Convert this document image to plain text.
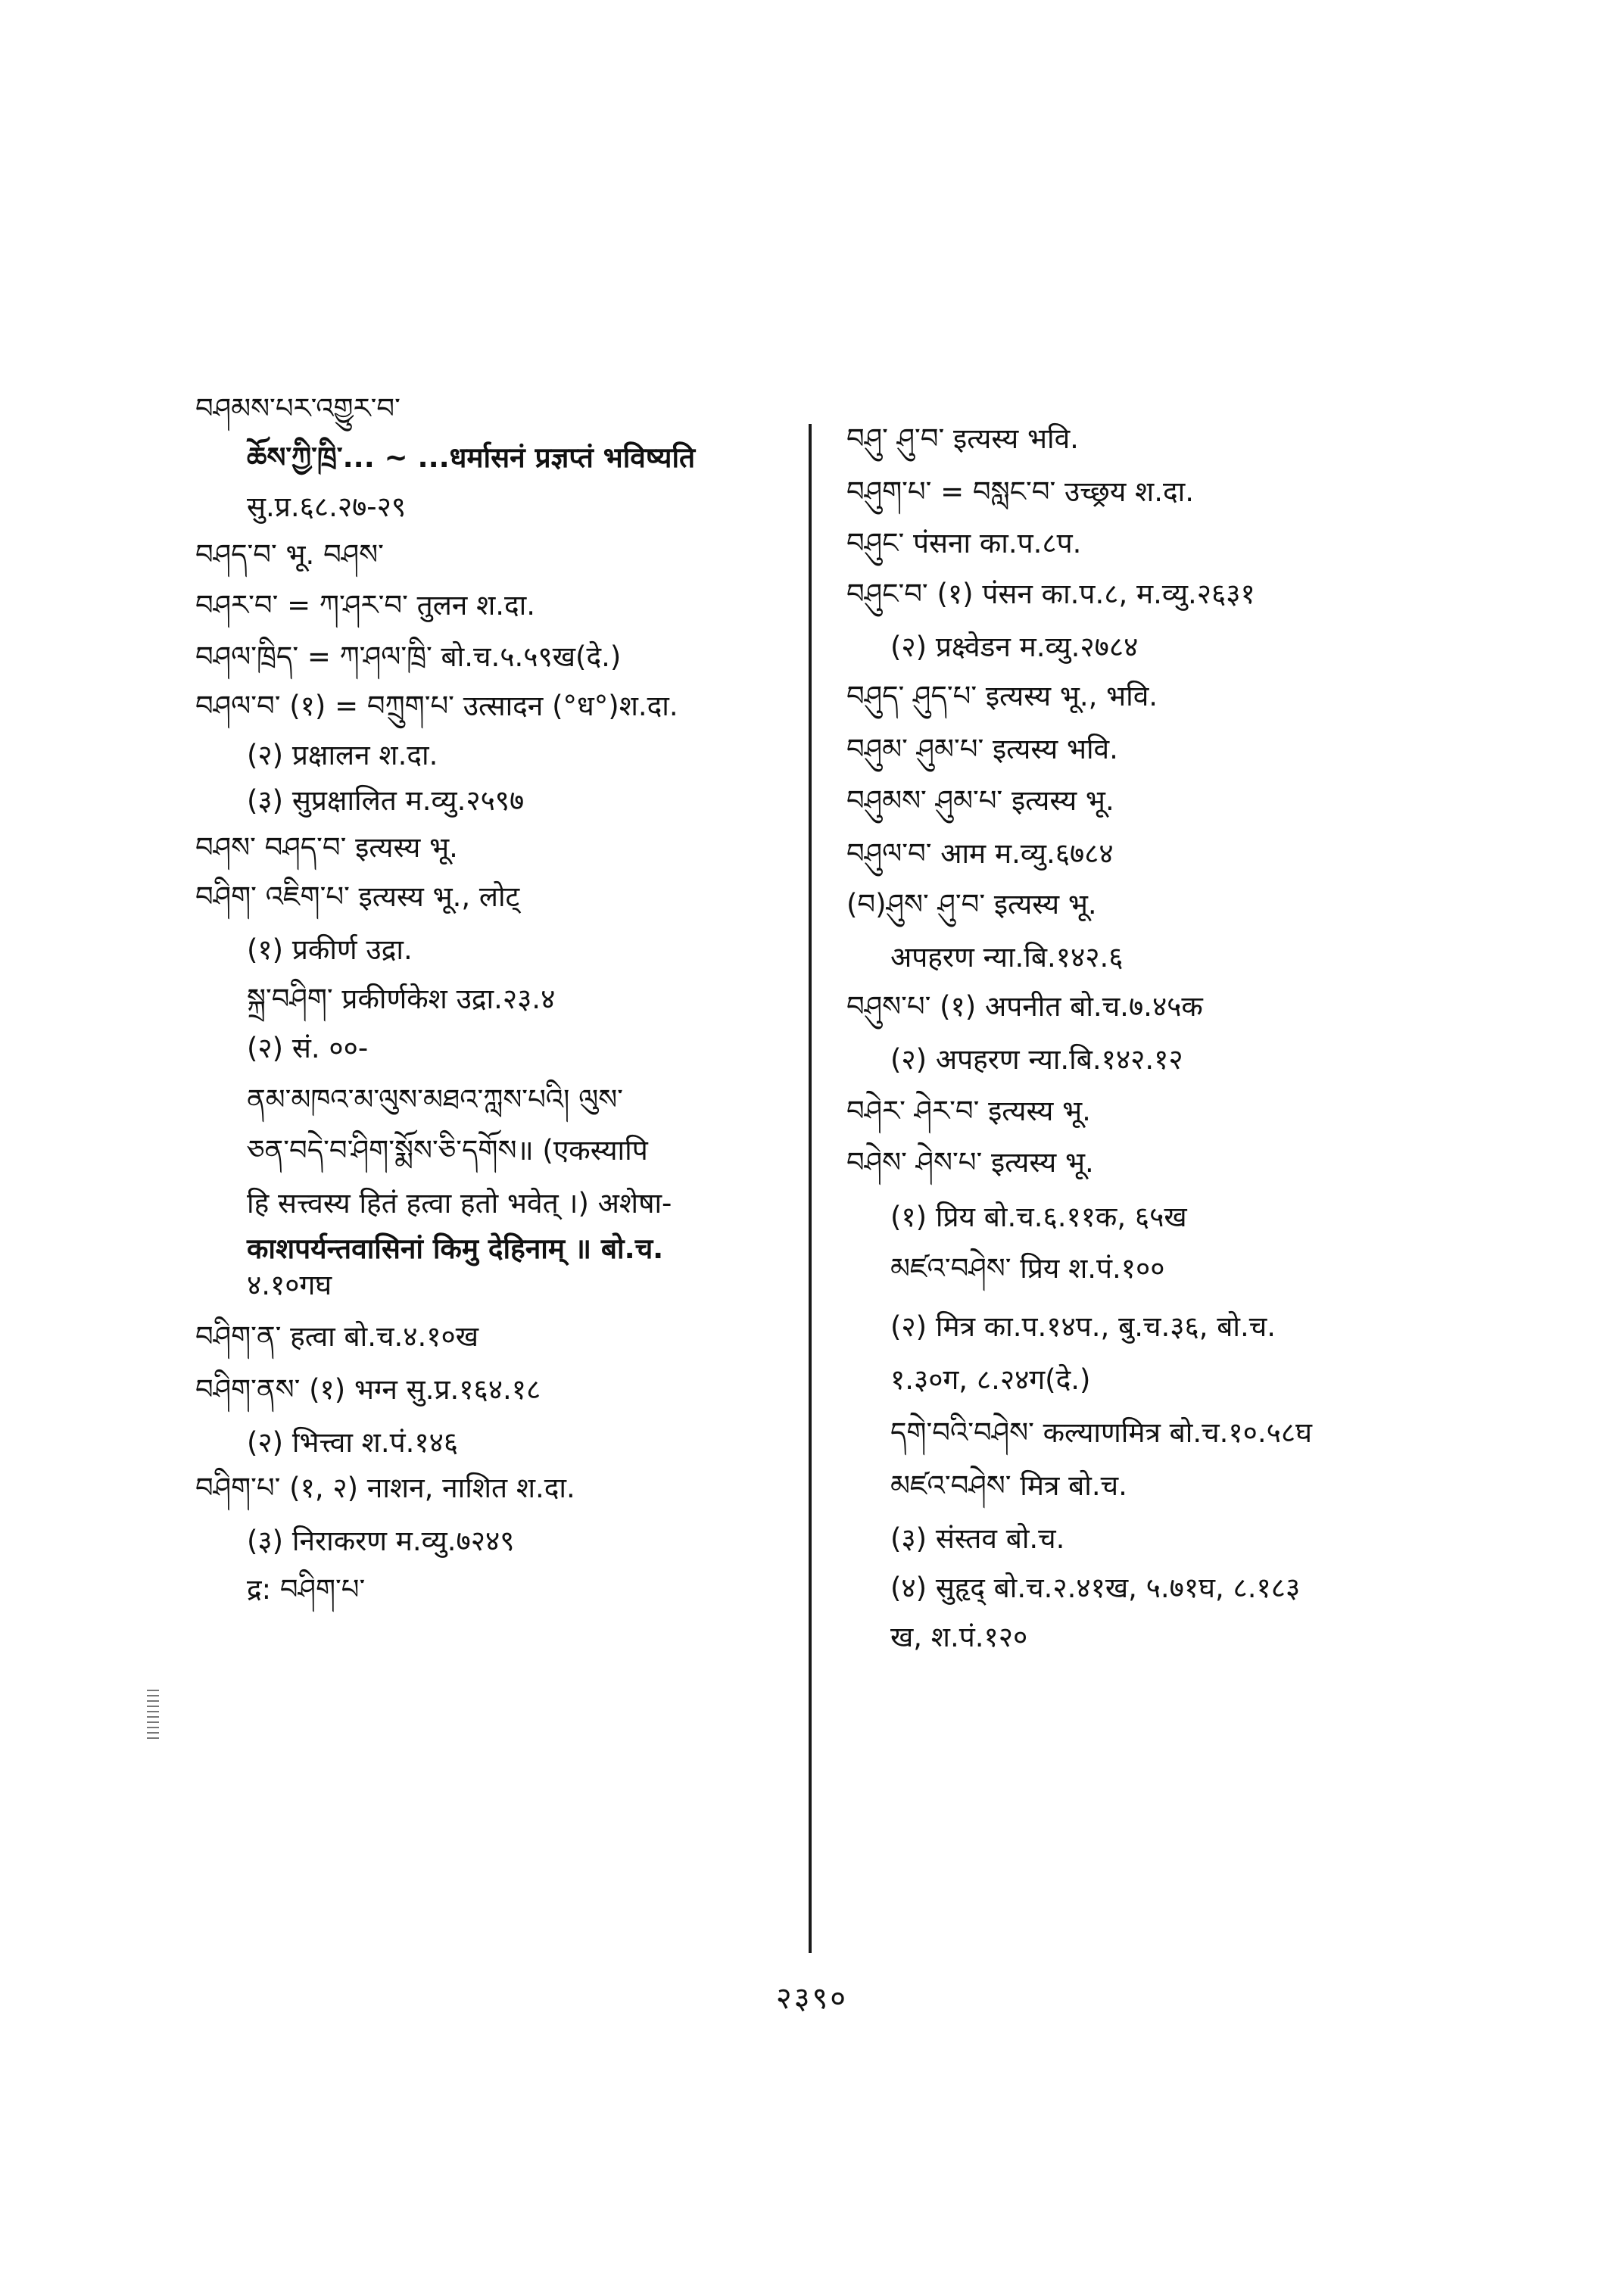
བཤམས་པར་འགྱུར་བ་
ཆོས་ཀྱི་ཁྲི་... ~ ...धर्मासनं प्रज्ञप्तं भविष्यति
सु.प्र.६८.२७-२९
བཤད་བ་ भू. བཤས་
བཤར་བ་ = ཀ་ཤར་བ་ तुलन श.दा.
བཤལ་ཁྲིད་ = ཀ་ཤལ་ཁྲི་ बो.च.५.५९ख(दे.)
བཤལ་བ་ (१) = བཀྲུག་པ་ उत्सादन (°ध°)श.दा.
(२) प्रक्षालन श.दा.
(३) सुप्रक्षालित म.व्यु.२५९७
བཤས་ བཤད་བ་ इत्यस्य भू.
བཤིག་ འཇིག་པ་ इत्यस्य भू., लोट्
(१) प्रकीर्ण उद्रा.
སྐྲ་བཤིག་ प्रकीर्णकेश उद्रा.२३.४
(२) सं. ००-
ནམ་མཁའ་མ་ལུས་མཐའ་ཀླས་པའི། ལུས་
ཅན་བདེ་བ་ཤིག་སྨོས་ཅི་དགོས॥ (एकस्यापि
हि सत्त्वस्य हितं हत्वा हतो भवेत् ।) अशेषा-
काशपर्यन्तवासिनां किमु देहिनाम् ॥ बो.च.
४.१०गघ
བཤིག་ན་ हत्वा बो.च.४.१०ख
བཤིག་ནས་ (१) भग्न सु.प्र.१६४.१८
(२) भित्त्वा श.पं.१४६
བཤིག་པ་ (१, २) नाशन, नाशित श.दा.
(३) निराकरण म.व्यु.७२४९
द्र: བཤིག་པ་
བཤུ་ ཤུ་བ་ इत्यस्य भवि.
བཤུག་པ་ = བསླང་བ་ उच्छ्रय श.दा.
བཤུང་ पंसना का.प.८प.
བཤུང་བ་ (१) पंसन का.प.८, म.व्यु.२६३१
(२) प्रक्ष्वेडन म.व्यु.२७८४
བཤུད་ ཤུད་པ་ इत्यस्य भू., भवि.
བཤུམ་ ཤུམ་པ་ इत्यस्य भवि.
བཤུམས་ ཤུམ་པ་ इत्यस्य भू.
བཤུལ་བ་ आम म.व्यु.६७८४
(བ)ཤུས་ ཤུ་བ་ इत्यस्य भू.
अपहरण न्या.बि.१४२.६
བཤུས་པ་ (१) अपनीत बो.च.७.४५क
(२) अपहरण न्या.बि.१४२.१२
བཤེར་ ཤེར་བ་ इत्यस्य भू.
བཤེས་ ཤེས་པ་ इत्यस्य भू.
(१) प्रिय बो.च.६.११क, ६५ख
མཛའ་བཤེས་ प्रिय श.पं.१००
(२) मित्र का.प.१४प., बु.च.३६, बो.च.
१.३०ग, ८.२४ग(दे.)
དགེ་བའི་བཤེས་ कल्याणमित्र बो.च.१०.५८घ
མཛའ་བཤེས་ मित्र बो.च.
(३) संस्तव बो.च.
(४) सुहृद् बो.च.२.४१ख, ५.७१घ, ८.१८३
ख, श.पं.१२०
२३९०
